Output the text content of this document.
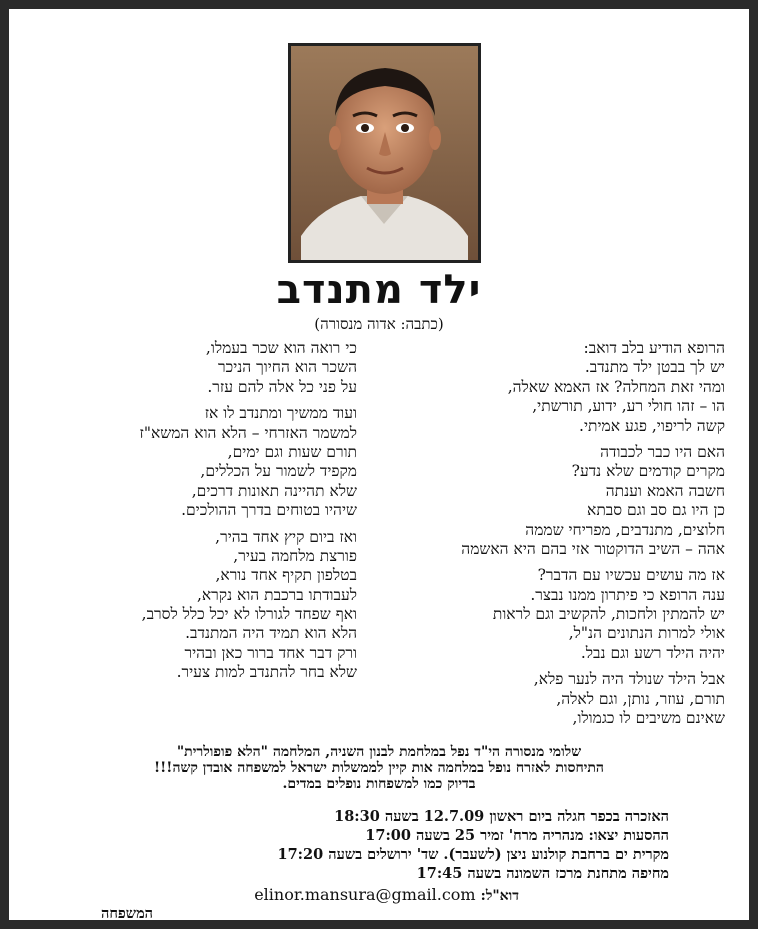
ילד מתנדב
(כתבה: אדוה מנסורה)
הרופא הודיע בלב דואב:
יש לך בבטן ילד מתנדב.
ומהי זאת המחלה? אז האמא שאלה,
הו – זהו חולי רע, ידוע, תורשתי,
קשה לריפוי, פגע אמיתי.
האם היו כבר לכבודה
מקרים קודמים שלא נדע?
חשבה האמא וענתה
כן היו גם סב וגם סבתא
חלוצים, מתנדבים, מפריחי שממה
אהה – השיב הדוקטור אזי בהם היא האשמה
אז מה עושים עכשיו עם הדבר?
ענה הרופא כי פיתרון ממנו נבצר.
יש להמתין ולחכות, להקשיב וגם לראות
אולי למרות הנתונים הנ"ל,
יהיה הילד רשע וגם נבל.
אבל הילד שנולד היה לנער פלא,
תורם, עוזר, נותן, וגם לאלה,
שאינם משיבים לו כגמולו,
כי רואה הוא שכר בעמלו,
השכר הוא החיוך הניכר
על פני כל אלה להם עזר.
ועוד ממשיך ומתנדב לו אז
למשמר האזרחי – הלא הוא המשא"ז
תורם שעות וגם ימים,
מקפיד לשמור על הכללים,
שלא תהיינה תאונות דרכים,
שיהיו בטוחים בדרך ההולכים.
ואז ביום קיץ אחד בהיר,
פורצת מלחמה בעיר,
בטלפון תקיף אחד נורא,
לעבודתו ברכבת הוא נקרא,
ואף שפחד לגורלו לא יכל כלל לסרב,
הלא הוא תמיד היה המתנדב.
ורק דבר אחד ברור כאן ובהיר
שלא בחר להתנדב למות צעיר.
שלומי מנסורה הי"ד נפל במלחמת לבנון השניה, המלחמה "הלא פופולרית"
התיחסות לאזרח נופל במלחמה אות קיין לממשלות ישראל למשפחה אובדן קשה!!!
בדיוק כמו למשפחות נופלים במדים.
האזכרה בכפר חגלה ביום ראשון 12.7.09 בשעה 18:30
ההסעות יצאו: מנהריה מרח' זמיר 25 בשעה 17:00
מקרית ים ברחבת קולנוע ניצן (לשעבר). שד' ירושלים בשעה 17:20
מחיפה מתחנת מרכז השמונה בשעה 17:45
דוא"ל: elinor.mansura@gmail.com
המשפחה
